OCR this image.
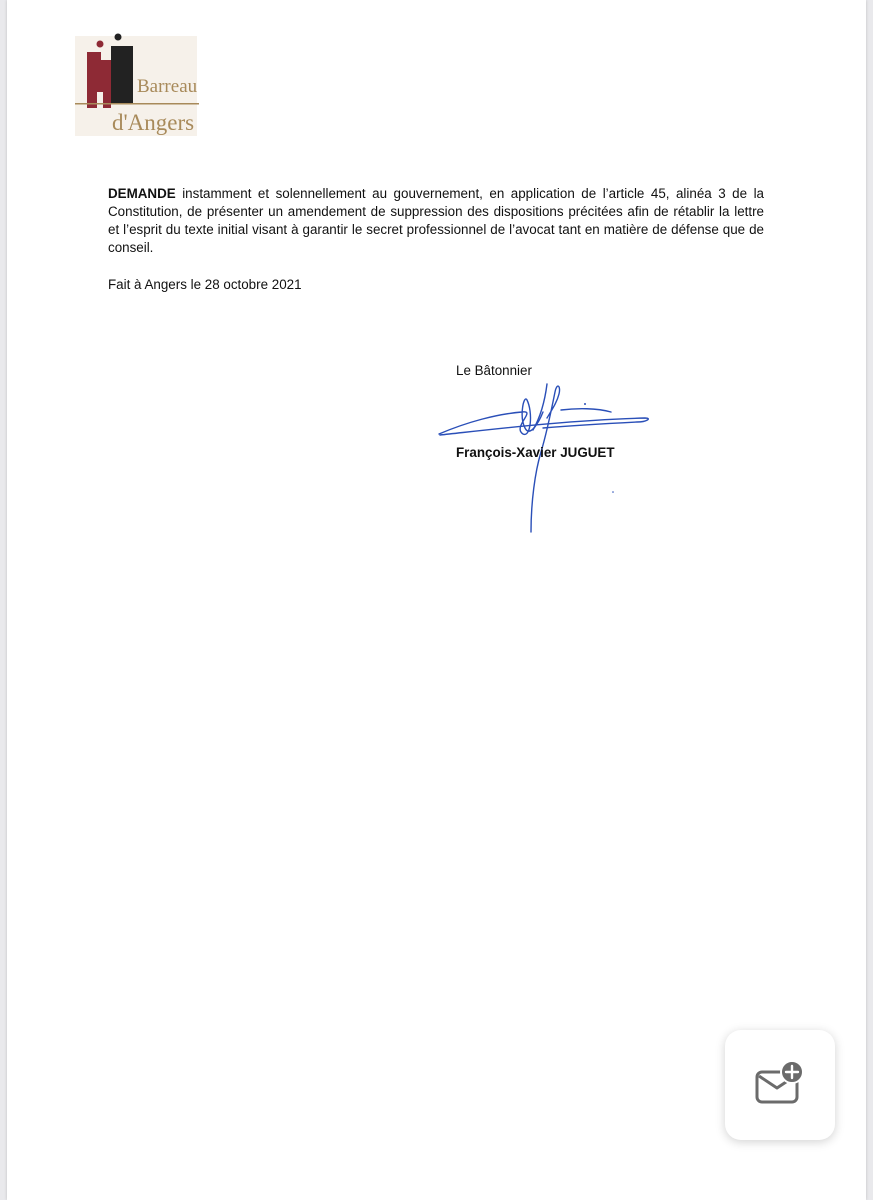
Barreau
d'Angers

DEMANDE instamment et solennellement au gouvernement, en application de l’article 45, alinéa 3 de la Constitution, de présenter un amendement de suppression des dispositions précitées afin de rétablir la lettre et l’esprit du texte initial visant à garantir le secret professionnel de l’avocat tant en matière de défense que de conseil.

Fait à Angers le 28 octobre 2021
Le Bâtonnier
François-Xavier JUGUET
